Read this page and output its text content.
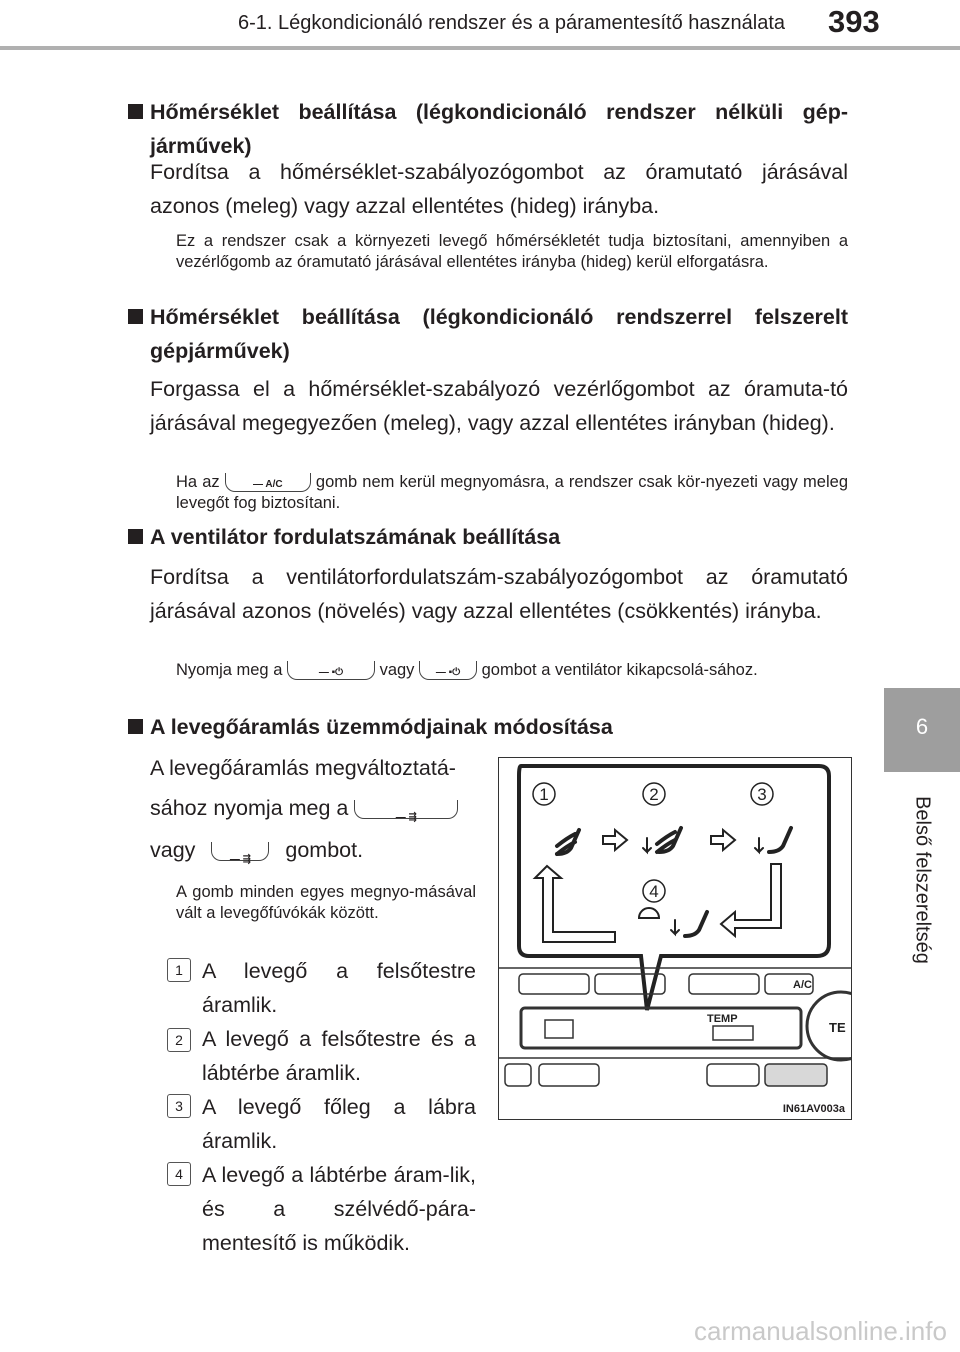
6-1. Légkondicionáló rendszer és a páramentesítő használata 393
6
Belső felszereltség
Hőmérséklet beállítása (légkondicionáló rendszer nélküli gép-járművek)
Fordítsa a hőmérséklet-szabályozógombot az óramutató járásával azonos (meleg) vagy azzal ellentétes (hideg) irányba.
Ez a rendszer csak a környezeti levegő hőmérsékletét tudja biztosítani, amennyiben a vezérlőgomb az óramutató járásával ellentétes irányba (hideg) kerül elforgatásra.
Hőmérséklet beállítása (légkondicionáló rendszerrel felszerelt gépjárművek)
Forgassa el a hőmérséklet-szabályozó vezérlőgombot az óramuta-tó járásával megegyezően (meleg), vagy azzal ellentétes irányban (hideg).
Ha az	— A/C	gomb nem kerül megnyomásra, a rendszer csak kör-nyezeti vagy meleg levegőt fog biztosítani.
A ventilátor fordulatszámának beállítása
Fordítsa a ventilátorfordulatszám-szabályozógombot az óramutató járásával azonos (növelés) vagy azzal ellentétes (csökkentés) irányba.
Nyomja meg a	— ▪⏻	vagy	— ▪⏻	gombot a ventilátor kikapcsolá-sához.
A levegőáramlás üzemmódjainak módosítása
A levegőáramlás megváltoztatá-
sához nyomja meg a	— ⇶
vagy	— ⇶	gombot.
A gomb minden egyes megnyo-másával vált a levegőfúvókák között.
1 A levegő a felsőtestre áramlik.
2 A levegő a felsőtestre és a lábtérbe áramlik.
3 A levegő főleg a lábra áramlik.
4 A levegő a lábtérbe áram-lik, és a szélvédő-pára-mentesítő is működik.
1	2	3
4
A/C
TEMP
TE
IN61AV003a
carmanualsonline.info
